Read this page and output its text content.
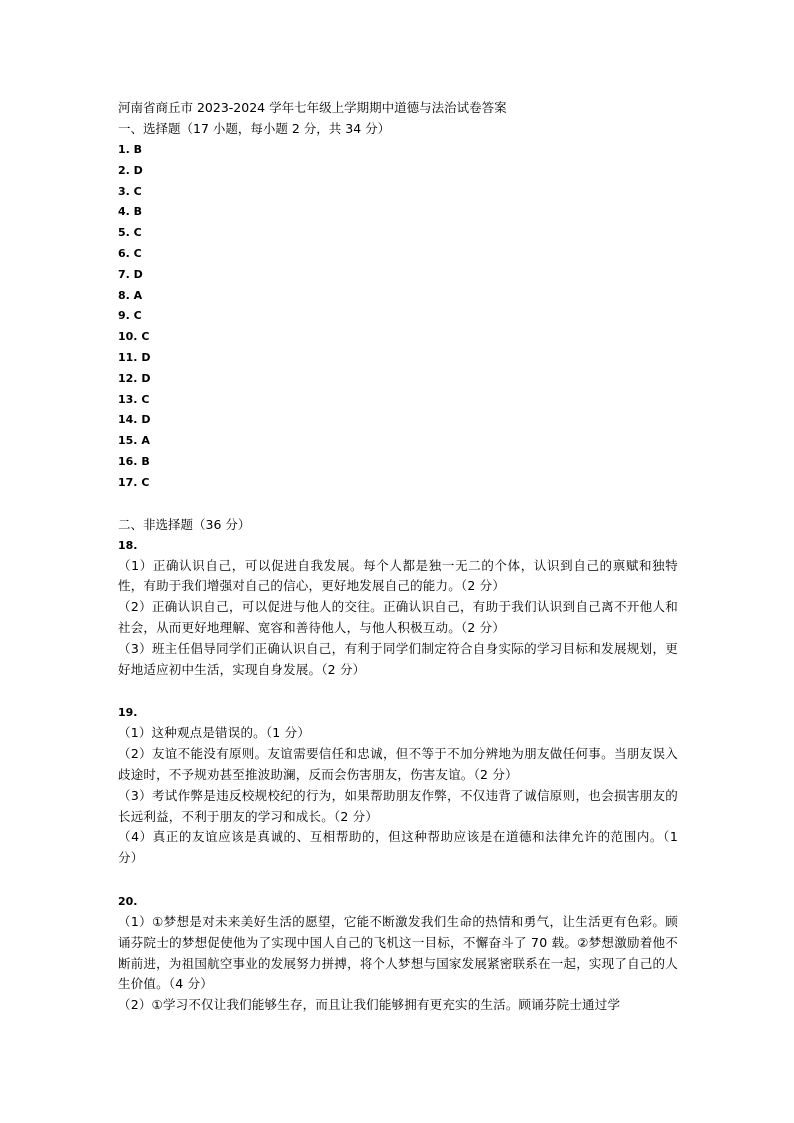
河南省商丘市 2023-2024 学年七年级上学期期中道德与法治试卷答案
一、选择题（17 小题，每小题 2 分，共 34 分）
1. B
2. D
3. C
4. B
5. C
6. C
7. D
8. A
9. C
10. C
11. D
12. D
13. C
14. D
15. A
16. B
17. C
二、非选择题（36 分）
18.
（1）正确认识自己，可以促进自我发展。每个人都是独一无二的个体，认识到自己的禀赋和独特性，有助于我们增强对自己的信心，更好地发展自己的能力。（2 分）
（2）正确认识自己，可以促进与他人的交往。正确认识自己，有助于我们认识到自己离不开他人和社会，从而更好地理解、宽容和善待他人，与他人积极互动。（2 分）
（3）班主任倡导同学们正确认识自己，有利于同学们制定符合自身实际的学习目标和发展规划，更好地适应初中生活，实现自身发展。（2 分）
19.
（1）这种观点是错误的。（1 分）
（2）友谊不能没有原则。友谊需要信任和忠诚，但不等于不加分辨地为朋友做任何事。当朋友误入歧途时，不予规劝甚至推波助澜，反而会伤害朋友，伤害友谊。（2 分）
（3）考试作弊是违反校规校纪的行为，如果帮助朋友作弊，不仅违背了诚信原则，也会损害朋友的长远利益，不利于朋友的学习和成长。（2 分）
（4）真正的友谊应该是真诚的、互相帮助的，但这种帮助应该是在道德和法律允许的范围内。（1 分）
20.
（1）①梦想是对未来美好生活的愿望，它能不断激发我们生命的热情和勇气，让生活更有色彩。顾诵芬院士的梦想促使他为了实现中国人自己的飞机这一目标，不懈奋斗了 70 载。②梦想激励着他不断前进，为祖国航空事业的发展努力拼搏，将个人梦想与国家发展紧密联系在一起，实现了自己的人生价值。（4 分）
（2）①学习不仅让我们能够生存，而且让我们能够拥有更充实的生活。顾诵芬院士通过学
